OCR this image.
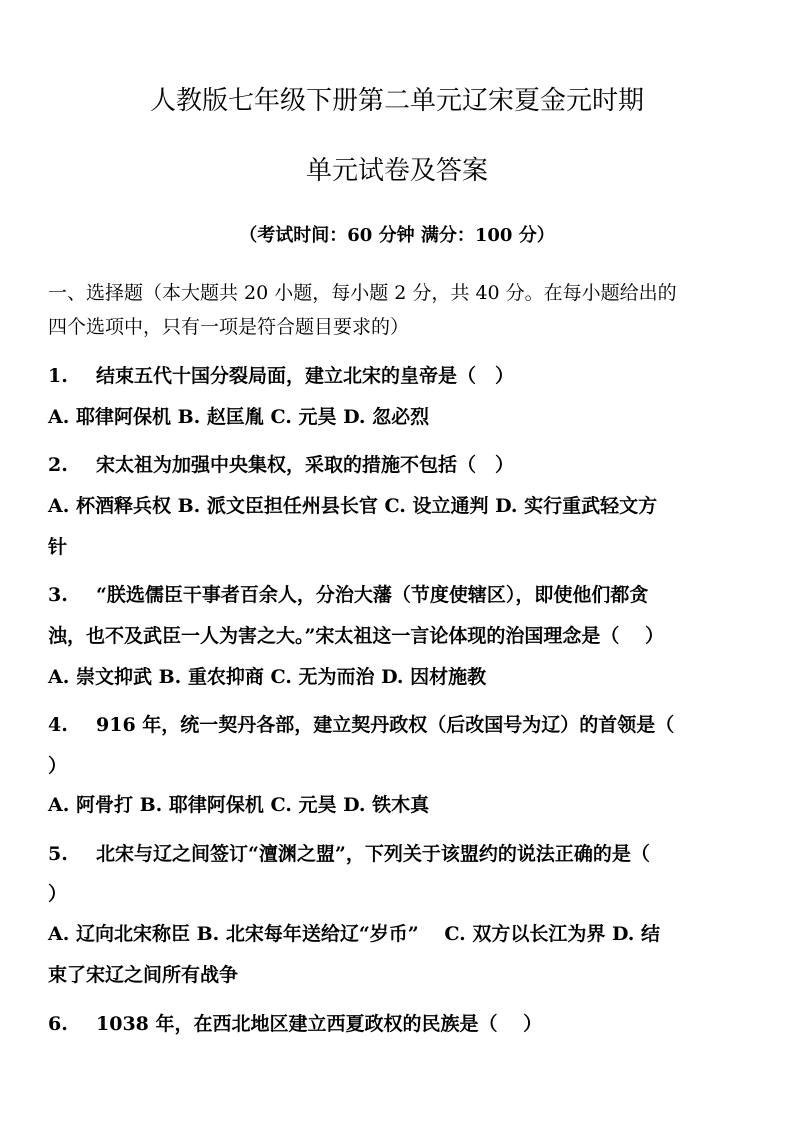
人教版七年级下册第二单元辽宋夏金元时期
单元试卷及答案
（考试时间：60 分钟 满分：100 分）
一、选择题（本大题共 20 小题，每小题 2 分，共 40 分。在每小题给出的
四个选项中，只有一项是符合题目要求的）
1. 结束五代十国分裂局面，建立北宋的皇帝是（　）
A. 耶律阿保机 B. 赵匡胤 C. 元昊 D. 忽必烈
2. 宋太祖为加强中央集权，采取的措施不包括（　）
A. 杯酒释兵权 B. 派文臣担任州县长官 C. 设立通判 D. 实行重武轻文方
针
3. “朕选儒臣干事者百余人，分治大藩（节度使辖区），即使他们都贪
浊，也不及武臣一人为害之大。”宋太祖这一言论体现的治国理念是（　 ）
A. 崇文抑武 B. 重农抑商 C. 无为而治 D. 因材施教
4. 916 年，统一契丹各部，建立契丹政权（后改国号为辽）的首领是（
）
A. 阿骨打 B. 耶律阿保机 C. 元昊 D. 铁木真
5. 北宋与辽之间签订“澶渊之盟”，下列关于该盟约的说法正确的是（
）
A. 辽向北宋称臣 B. 北宋每年送给辽“岁币”　 C. 双方以长江为界 D. 结
束了宋辽之间所有战争
6. 1038 年，在西北地区建立西夏政权的民族是（　 ）
